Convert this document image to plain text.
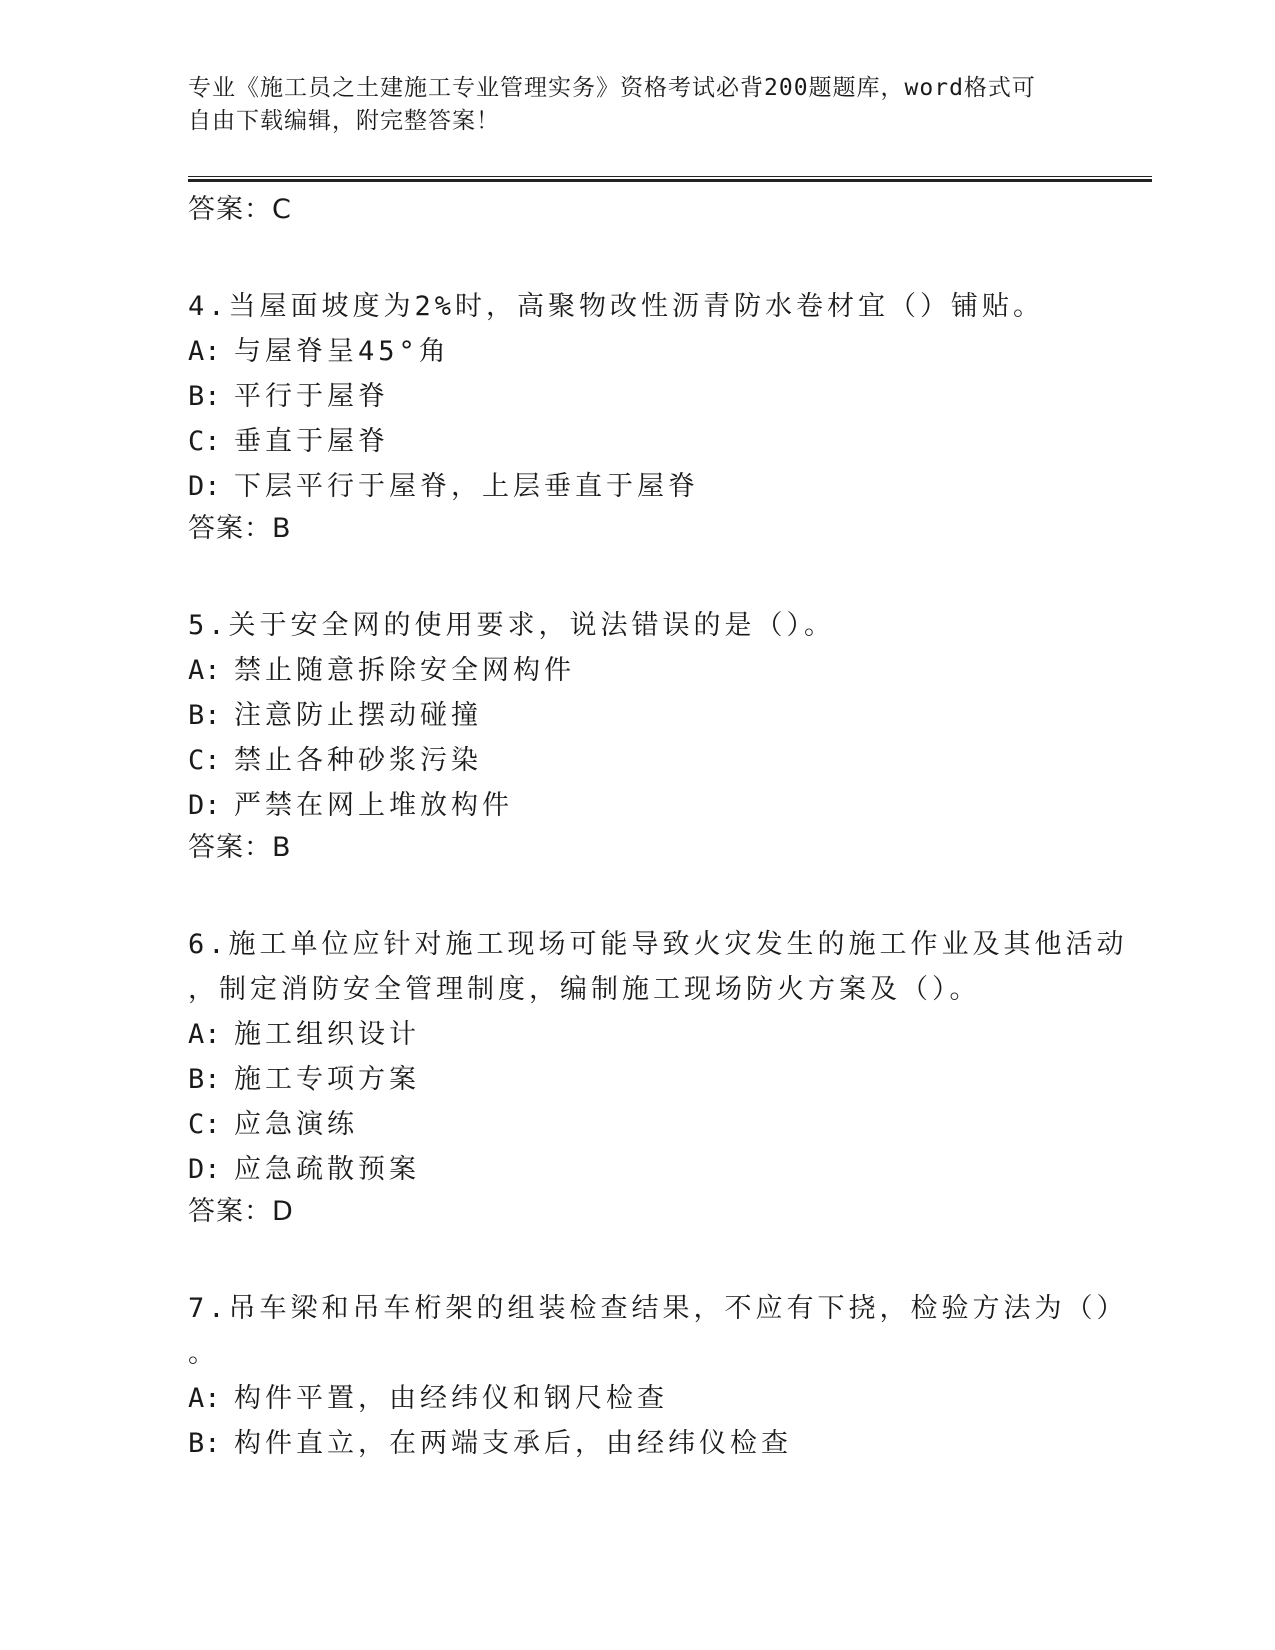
专业《施工员之土建施工专业管理实务》资格考试必背200题题库，word格式可
自由下载编辑，附完整答案！
答案：C
4.当屋面坡度为2%时，高聚物改性沥青防水卷材宜（）铺贴。
A: 与屋脊呈45°角
B: 平行于屋脊
C: 垂直于屋脊
D: 下层平行于屋脊，上层垂直于屋脊
答案：B
5.关于安全网的使用要求，说法错误的是（）。
A: 禁止随意拆除安全网构件
B: 注意防止摆动碰撞
C: 禁止各种砂浆污染
D: 严禁在网上堆放构件
答案：B
6.施工单位应针对施工现场可能导致火灾发生的施工作业及其他活动
，制定消防安全管理制度，编制施工现场防火方案及（）。
A: 施工组织设计
B: 施工专项方案
C: 应急演练
D: 应急疏散预案
答案：D
7.吊车梁和吊车桁架的组装检查结果，不应有下挠，检验方法为（）
。
A: 构件平置，由经纬仪和钢尺检查
B: 构件直立，在两端支承后，由经纬仪检查
